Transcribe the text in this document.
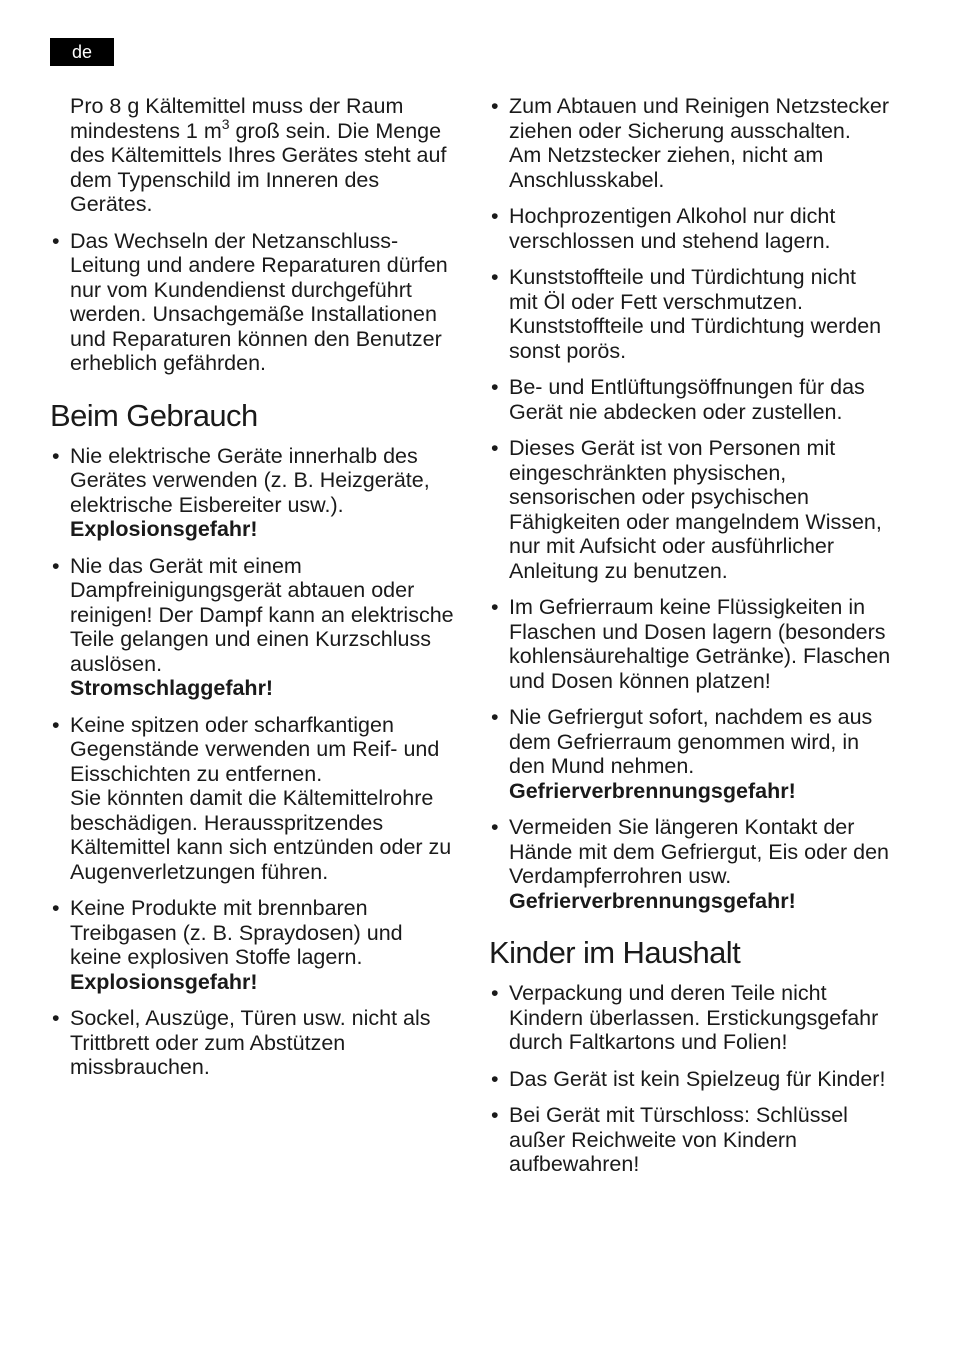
de

Pro 8 g Kältemittel muss der Raum
mindestens 1 $m^3$ groß sein. Die Menge
des Kältemittels Ihres Gerätes steht auf
dem Typenschild im Inneren des
Gerätes.

• Das Wechseln der Netzanschluss-
Leitung und andere Reparaturen dürfen
nur vom Kundendienst durchgeführt
werden. Unsachgemäße Installationen
und Reparaturen können den Benutzer
erheblich gefährden.

Beim Gebrauch

• Nie elektrische Geräte innerhalb des
Gerätes verwenden (z. B. Heizgeräte,
elektrische Eisbereiter usw.).
Explosionsgefahr!

• Nie das Gerät mit einem
Dampfreinigungsgerät abtauen oder
reinigen! Der Dampf kann an elektrische
Teile gelangen und einen Kurzschluss
auslösen.
Stromschlaggefahr!

• Keine spitzen oder scharfkantigen
Gegenstände verwenden um Reif- und
Eisschichten zu entfernen.
Sie könnten damit die Kältemittelrohre
beschädigen. Herausspritzendes
Kältemittel kann sich entzünden oder zu
Augenverletzungen führen.

• Keine Produkte mit brennbaren
Treibgasen (z. B. Spraydosen) und
keine explosiven Stoffe lagern.
Explosionsgefahr!

• Sockel, Auszüge, Türen usw. nicht als
Trittbrett oder zum Abstützen
missbrauchen.

• Zum Abtauen und Reinigen Netzstecker
ziehen oder Sicherung ausschalten.
Am Netzstecker ziehen, nicht am
Anschlusskabel.

• Hochprozentigen Alkohol nur dicht
verschlossen und stehend lagern.

• Kunststoffteile und Türdichtung nicht
mit Öl oder Fett verschmutzen.
Kunststoffteile und Türdichtung werden
sonst porös.

• Be- und Entlüftungsöffnungen für das
Gerät nie abdecken oder zustellen.

• Dieses Gerät ist von Personen mit
eingeschränkten physischen,
sensorischen oder psychischen
Fähigkeiten oder mangelndem Wissen,
nur mit Aufsicht oder ausführlicher
Anleitung zu benutzen.

• Im Gefrierraum keine Flüssigkeiten in
Flaschen und Dosen lagern (besonders
kohlensäurehaltige Getränke). Flaschen
und Dosen können platzen!

• Nie Gefriergut sofort, nachdem es aus
dem Gefrierraum genommen wird, in
den Mund nehmen.
Gefrierverbrennungsgefahr!

• Vermeiden Sie längeren Kontakt der
Hände mit dem Gefriergut, Eis oder den
Verdampferrohren usw.
Gefrierverbrennungsgefahr!

Kinder im Haushalt

• Verpackung und deren Teile nicht
Kindern überlassen. Erstickungsgefahr
durch Faltkartons und Folien!

• Das Gerät ist kein Spielzeug für Kinder!

• Bei Gerät mit Türschloss: Schlüssel
außer Reichweite von Kindern
aufbewahren!
